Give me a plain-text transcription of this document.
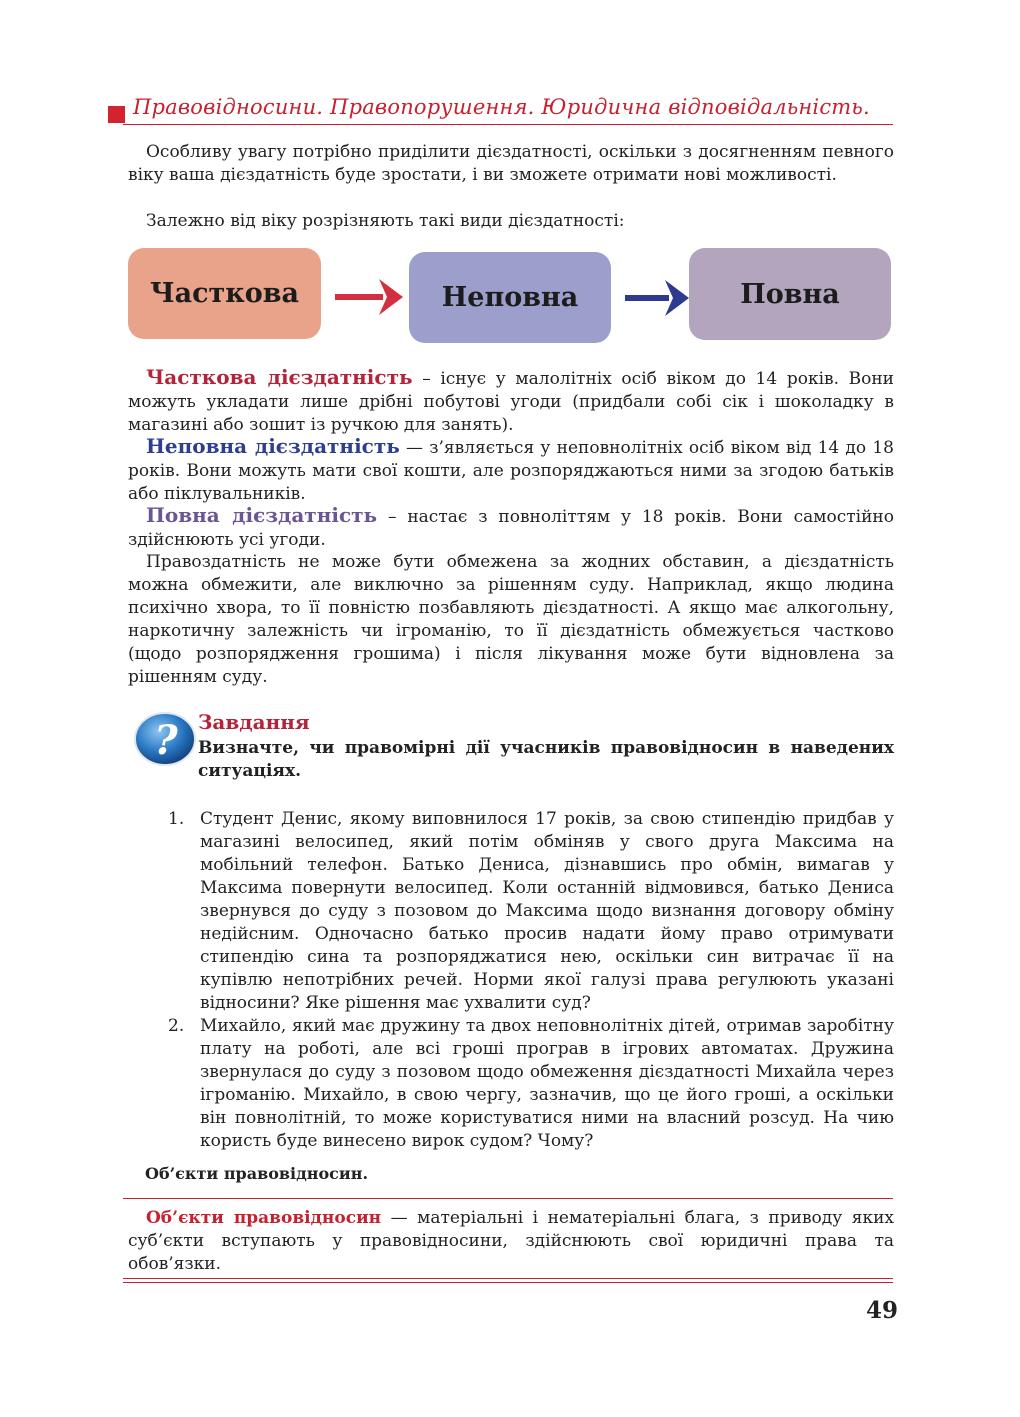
Правовідносини. Правопорушення. Юридична відповідальність.
Особливу увагу потрібно приділити дієздатності, оскільки з досягненням певного віку ваша дієздатність буде зростати, і ви зможете отримати нові можливості.
Залежно від віку розрізняють такі види дієздатності:
Часткова	Неповна	Повна
Часткова дієздатність – існує у малолітніх осіб віком до 14 років. Вони можуть укладати лише дрібні побутові угоди (придбали собі сік і шоколадку в магазині або зошит із ручкою для занять).
Неповна дієздатність — з’являється у неповнолітніх осіб віком від 14 до 18 років. Вони можуть мати свої кошти, але розпоряджаються ними за згодою батьків або піклувальників.
Повна дієздатність – настає з повноліттям у 18 років. Вони самостійно здійснюють усі угоди.
Правоздатність не може бути обмежена за жодних обставин, а дієздатність можна обмежити, але виключно за рішенням суду. Наприклад, якщо людина психічно хвора, то її повністю позбавляють дієздатності. А якщо має алкогольну, наркотичну залежність чи ігроманію, то її дієздатність обмежується частково (щодо розпорядження грошима) і після лікування може бути відновлена за рішенням суду.
? Завдання
Визначте, чи правомірні дії учасників правовідносин в наведених ситуаціях.
1. Студент Денис, якому виповнилося 17 років, за свою стипендію придбав у магазині велосипед, який потім обміняв у свого друга Максима на мобільний телефон. Батько Дениса, дізнавшись про обмін, вимагав у Максима повернути велосипед. Коли останній відмовився, батько Дениса звернувся до суду з позовом до Максима щодо визнання договору обміну недійсним. Одночасно батько просив надати йому право отримувати стипендію сина та розпоряджатися нею, оскільки син витрачає її на купівлю непотрібних речей. Норми якої галузі права регулюють указані відносини? Яке рішення має ухвалити суд?
2. Михайло, який має дружину та двох неповнолітніх дітей, отримав заробітну плату на роботі, але всі гроші програв в ігрових автоматах. Дружина звернулася до суду з позовом щодо обмеження дієздатності Михайла через ігроманію. Михайло, в свою чергу, зазначив, що це його гроші, а оскільки він повнолітній, то може користуватися ними на власний розсуд. На чию користь буде винесено вирок судом? Чому?
Об’єкти правовідносин.
Об’єкти правовідносин — матеріальні і нематеріальні блага, з приводу яких суб’єкти вступають у правовідносини, здійснюють свої юридичні права та обов’язки.
49
